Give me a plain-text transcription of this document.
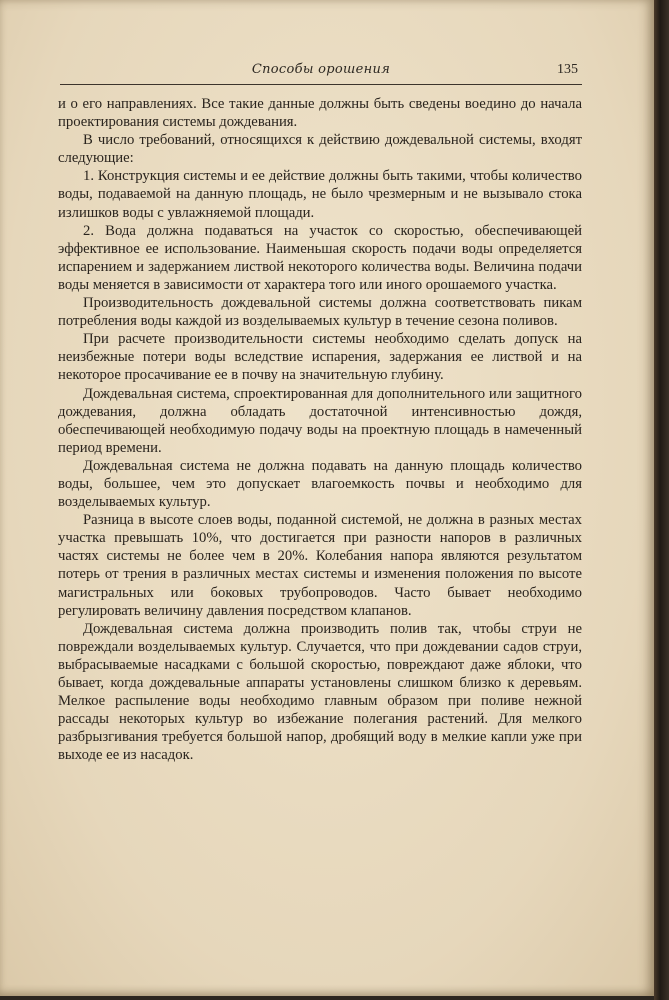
Способы орошения	135

и о его направлениях. Все такие данные должны быть сведены воедино до начала проектирования системы дождевания.

В число требований, относящихся к действию дождевальной системы, входят следующие:

1. Конструкция системы и ее действие должны быть такими, чтобы количество воды, подаваемой на данную площадь, не было чрезмерным и не вызывало стока излишков воды с увлажняемой площади.

2. Вода должна подаваться на участок со скоростью, обеспечивающей эффективное ее использование. Наименьшая скорость подачи воды определяется испарением и задержанием листвой некоторого количества воды. Величина подачи воды меняется в зависимости от характера того или иного орошаемого участка.

Производительность дождевальной системы должна соответствовать пикам потребления воды каждой из возделываемых культур в течение сезона поливов.

При расчете производительности системы необходимо сделать допуск на неизбежные потери воды вследствие испарения, задержания ее листвой и на некоторое просачивание ее в почву на значительную глубину.

Дождевальная система, спроектированная для дополнительного или защитного дождевания, должна обладать достаточной интенсивностью дождя, обеспечивающей необходимую подачу воды на проектную площадь в намеченный период времени.

Дождевальная система не должна подавать на данную площадь количество воды, большее, чем это допускает влагоемкость почвы и необходимо для возделываемых культур.

Разница в высоте слоев воды, поданной системой, не должна в разных местах участка превышать 10%, что достигается при разности напоров в различных частях системы не более чем в 20%. Колебания напора являются результатом потерь от трения в различных местах системы и изменения положения по высоте магистральных или боковых трубопроводов. Часто бывает необходимо регулировать величину давления посредством клапанов.

Дождевальная система должна производить полив так, чтобы струи не повреждали возделываемых культур. Случается, что при дождевании садов струи, выбрасываемые насадками с большой скоростью, повреждают даже яблоки, что бывает, когда дождевальные аппараты установлены слишком близко к деревьям. Мелкое распыление воды необходимо главным образом при поливе нежной рассады некоторых культур во избежание полегания растений. Для мелкого разбрызгивания требуется большой напор, дробящий воду в мелкие капли уже при выходе ее из насадок.
